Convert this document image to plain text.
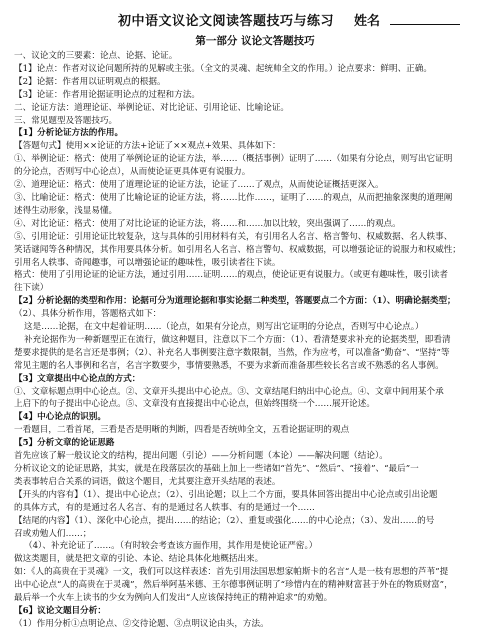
初中语文议论文阅读答题技巧与练习 姓名
第一部分 议论文答题技巧
一、议论文的三要素：论点、论据、论证。
【1】论点：作者对议论问题所持的见解或主张。（全文的灵魂、起统帅全文的作用。）论点要求：鲜明、正确。
【2】论据：作者用以证明观点的根据。
【3】论证：作者用论据证明论点的过程和方法。
二、论证方法：道理论证、举例论证、对比论证、引用论证、比喻论证。
三、常见题型及答题技巧。
【1】分析论证方法的作用。
【答题句式】使用××论证的方法+论证了××观点+效果、具体如下：
①、举例论证：格式：使用了举例论证的论证方法，举……（概括事例）证明了……（如果有分论点，则写出它证明
的分论点，否则写中心论点），从而使论证更具体更有说服力。
②、道理论证：格式：使用了道理论证的论证方法，论证了……了观点，从而使论证概括更深入。
③、比喻论证：格式：使用了比喻论证的论证方法，将……比作……，证明了……的观点，从而把抽象深奥的道理阐
述得生动形象，浅显易懂。
④、对比论证：格式：使用了对比论证的论证方法，将……和……加以比较，突出强调了……的观点。
⑤、引用论证：引用论证比较复杂，这与具体的引用材料有关，有引用名人名言、格言警句、权威数据、名人轶事、
笑话谜闻等各种情况，其作用要具体分析。如引用名人名言、格言警句、权威数据，可以增强论证的说服力和权威性；
引用名人轶事、奇闻趣事，可以增强论证的趣味性，吸引读者往下读。
格式：使用了引用论证的论证方法，通过引用……证明……的观点，使论证更有说服力。（或更有趣味性，吸引读者
往下读）
【2】分析论据的类型和作用：论据可分为道理论据和事实论据二种类型，答题要点二个方面：（1）、明确论据类型；
（2）、具体分析作用，答题格式如下：
这是……论据，在文中起着证明……（论点，如果有分论点，则写出它证明的分论点，否则写中心论点。）
补充论据作为一种新题型正在流行，做这种题目，注意以下二个方面：（1）、看清楚要求补充的论据类型，即看清
楚要求提供的是名言还是事例；（2）、补充名人事例要注意字数限制，当然，作为应考，可以准备“勤奋”、“坚持”等
常见主题的名人事例和名言，名言字数要少，事情要熟悉，不要为求新而准备那些较长名言或不熟悉的名人事例。
【3】文章提出中心论点的方式：
①、文章标题点明中心论点。②、文章开头提出中心论点。③、文章结尾归纳出中心论点。④、文章中间用某个承
上启下的句子提出中心论点。⑤、文章没有直接提出中心论点，但始终围绕一个……展开论述。
【4】中心论点的识别。
一看题目，二看首尾，三看是否是明晰的判断，四看是否统帅全文，五看论据证明的观点
【5】分析文章的论证思路
首先应该了解一般议论文的结构，提出问题（引论）——分析问题（本论）——解决问题（结论）。
分析议论文的论证思路，其实，就是在段落层次的基础上加上一些诸如“首先”、“然后”、“接着”、“最后”一
类表事转启合关系的词语，做这个题目，尤其要注意开头结尾的表述。
【开头的内容有】（1）、提出中心论点；（2）、引出论题；以上二个方面，要具体回答出提出中心论点或引出论题
的具体方式，有的是通过名人名言、有的是通过名人轶事、有的是通过一个……
【结尾的内容】（1）、深化中心论点，提出……的结论；（2）、重复或强化……的中心论点；（3）、发出……的号
召或劝勉人们……；
（4）、补充论证了……。（有时较会考查该方面作用，其作用是使论证严密。）
做这类题目，就是把文章的引论、本论、结论具体化地概括出来。
如：《人的高贵在于灵魂》一文，我们可以这样表述：首先引用法国思想家帕斯卡的名言“人是一枝有思想的芦苇”提
出中心论点“人的高贵在于灵魂”，然后举阿基米德、王尔德事例证明了“珍惜内在的精神财富甚于外在的物质财富”，
最后举一个火车上读书的少女为例向人们发出“人应该保持纯正的精神追求”的劝勉。
【6】议论文题目分析：
（1）作用分析①点明论点、②交待论题、③点明议论由头，方法。
